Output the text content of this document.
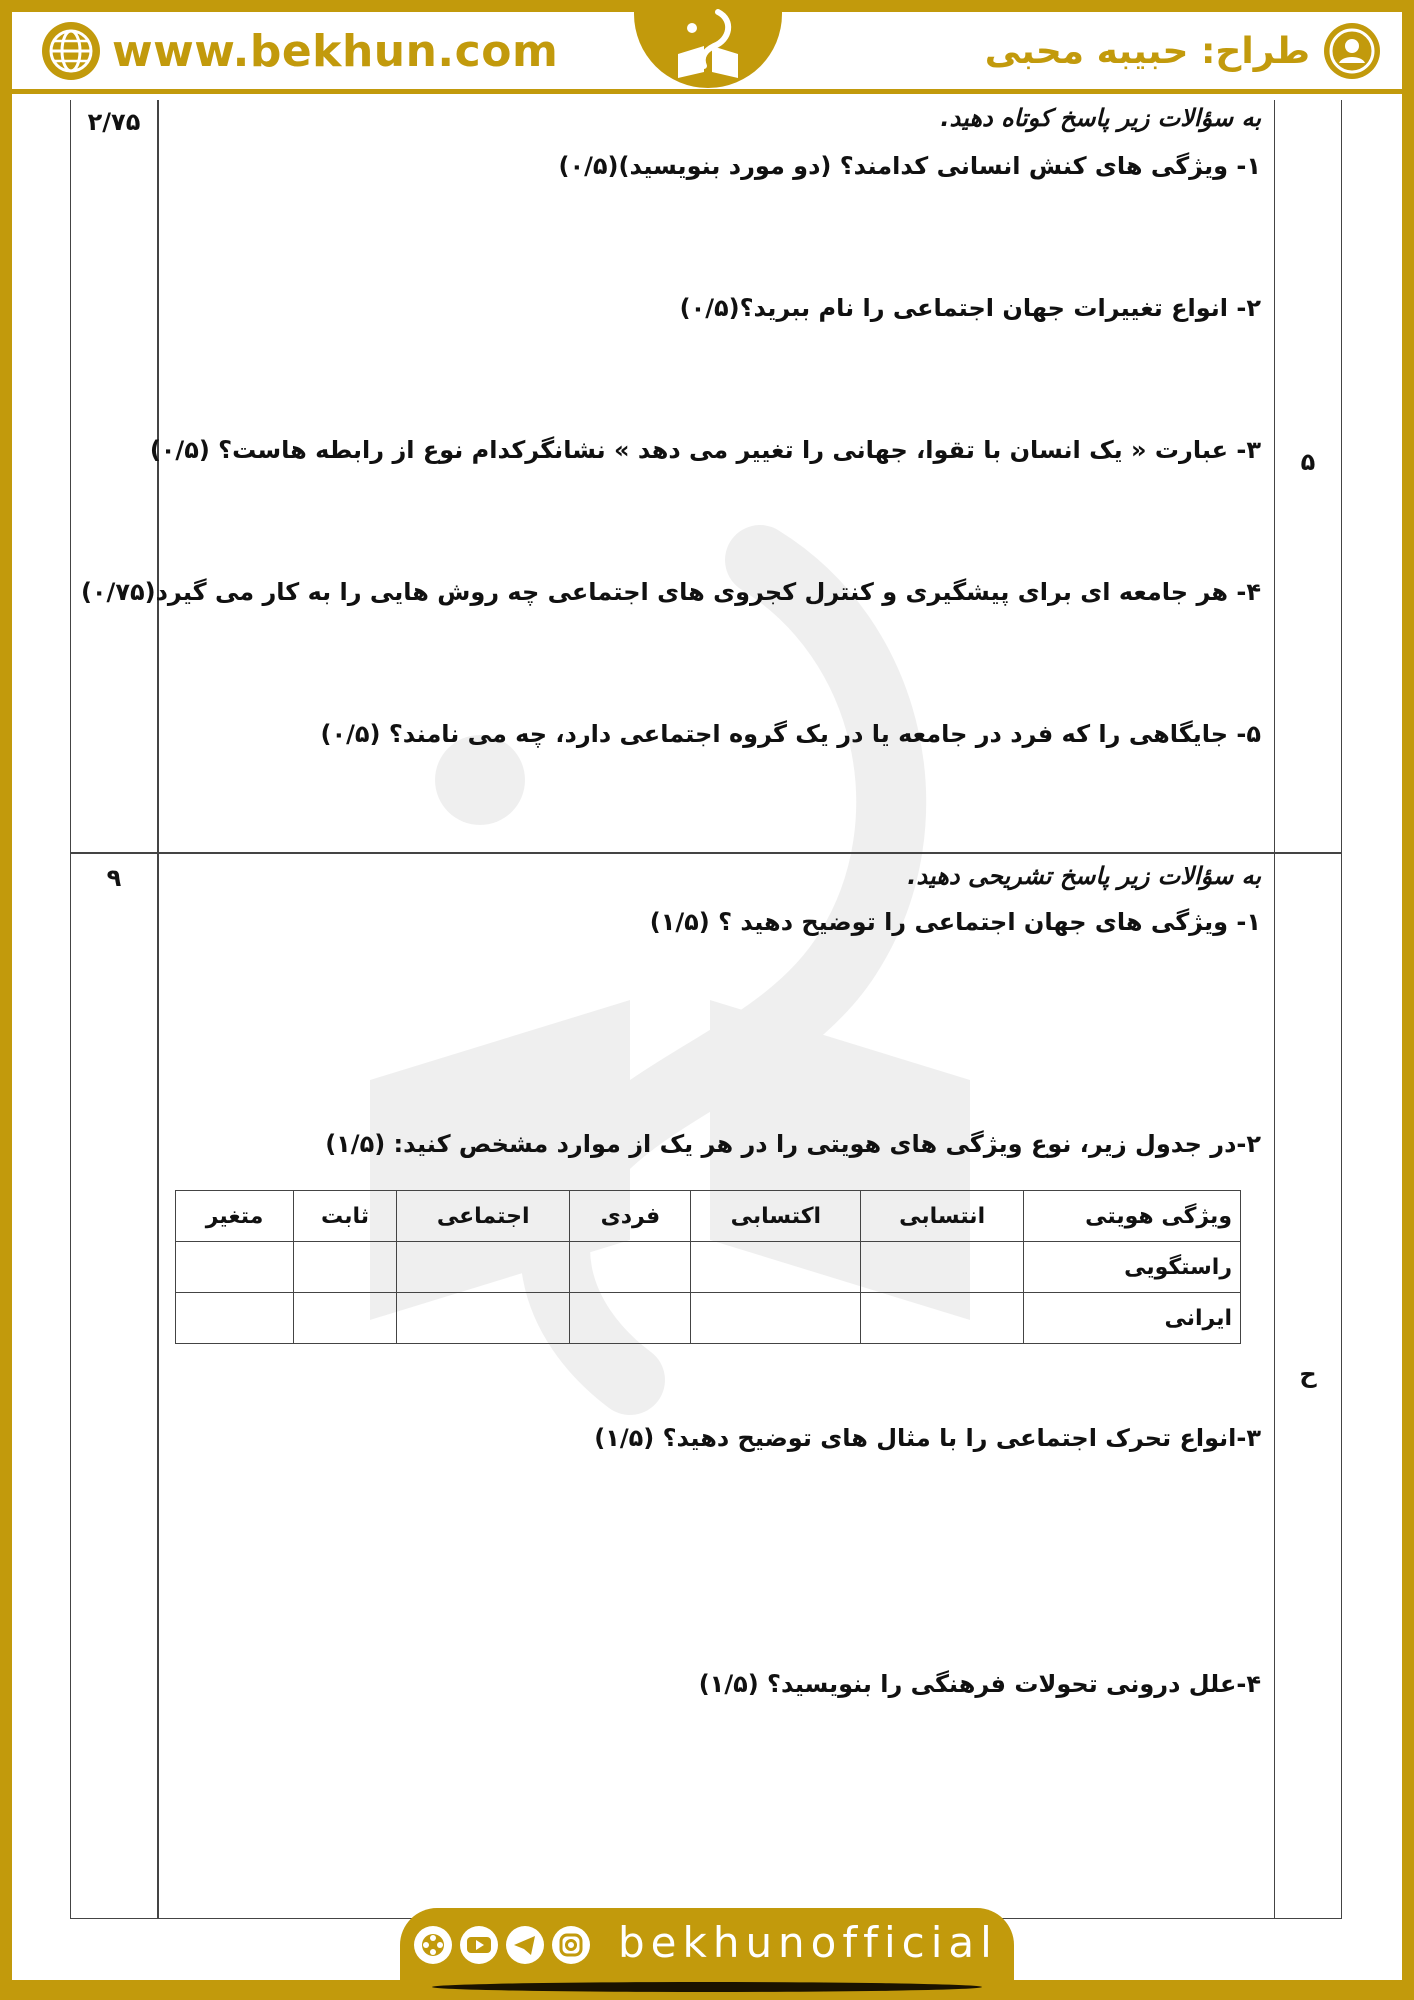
www.bekhun.com	طراح: حبیبه محبی
۲/۷۵
۵
به سؤالات زیر پاسخ کوتاه دهید.
۱- ویژگی های کنش انسانی کدامند؟ (دو مورد بنویسید)(۰/۵)
۲- انواع تغییرات جهان اجتماعی را نام ببرید؟(۰/۵)
۳- عبارت « یک انسان با تقوا، جهانی را تغییر می دهد » نشانگرکدام نوع از رابطه هاست؟ (۰/۵)
۴- هر جامعه ای برای پیشگیری و کنترل کجروی های اجتماعی چه روش هایی را به کار می گیرد(۰/۷۵)
۵- جایگاهی را که فرد در جامعه یا در یک گروه اجتماعی دارد، چه می نامند؟ (۰/۵)
۹
ح
به سؤالات زیر پاسخ تشریحی دهید.
۱- ویژگی های جهان اجتماعی را توضیح دهید ؟ (۱/۵)
۲-در جدول زیر، نوع ویژگی های هویتی را در هر یک از موارد مشخص کنید: (۱/۵)
ویژگی هویتی	انتسابی	اکتسابی	فردی	اجتماعی	ثابت	متغیر
راستگویی						
ایرانی						
۳-انواع تحرک اجتماعی را با مثال های توضیح دهید؟ (۱/۵)
۴-علل درونی تحولات فرهنگی را بنویسید؟ (۱/۵)
bekhunofficial
